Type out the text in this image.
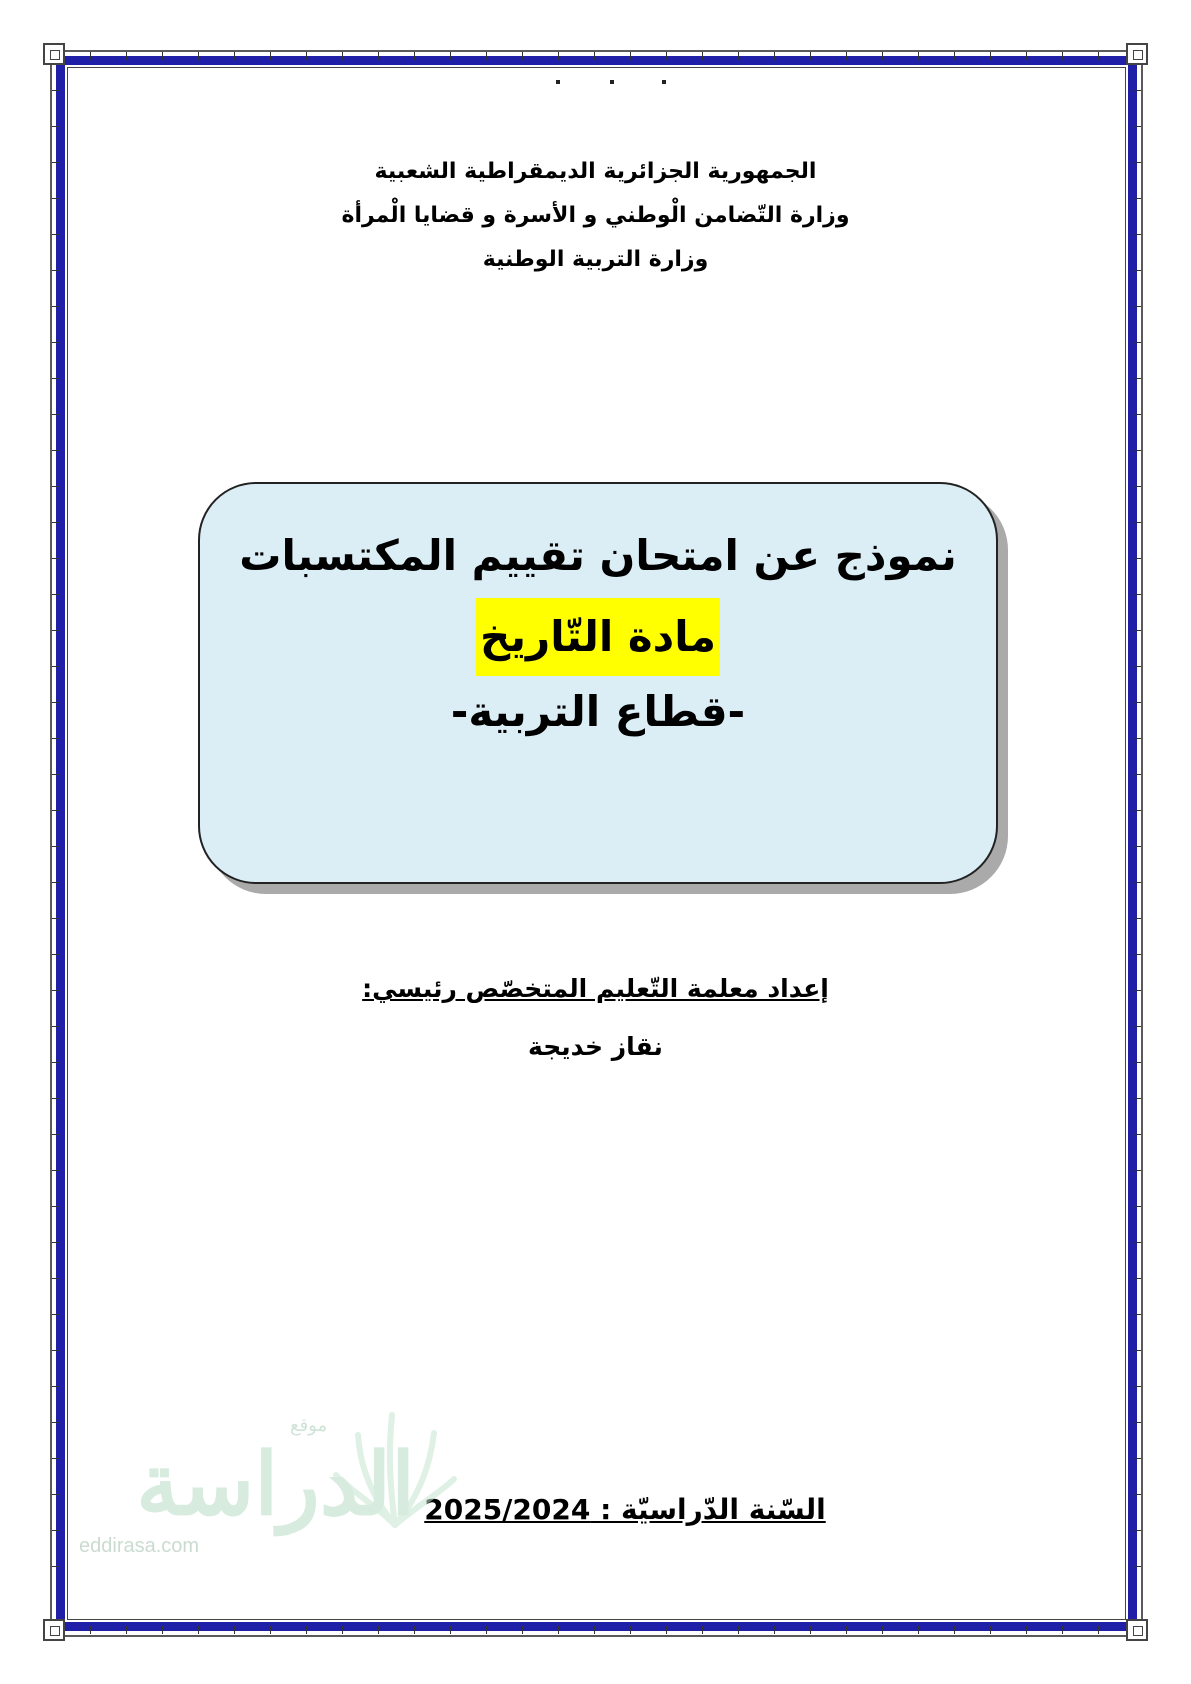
الجمهورية الجزائرية الديمقراطية الشعبية
وزارة التّضامن الْوطني و الأسرة و قضايا الْمرأة
وزارة التربية الوطنية
نموذج عن امتحان تقييم المكتسبات
مادة التّاريخ
-قطاع التربية-
إعداد معلمة التّعليم المتخصّص رئيسي:
نقاز خديجة
السّنة الدّراسيّة : 2025/2024
الدراسة
موقع
eddirasa.com
